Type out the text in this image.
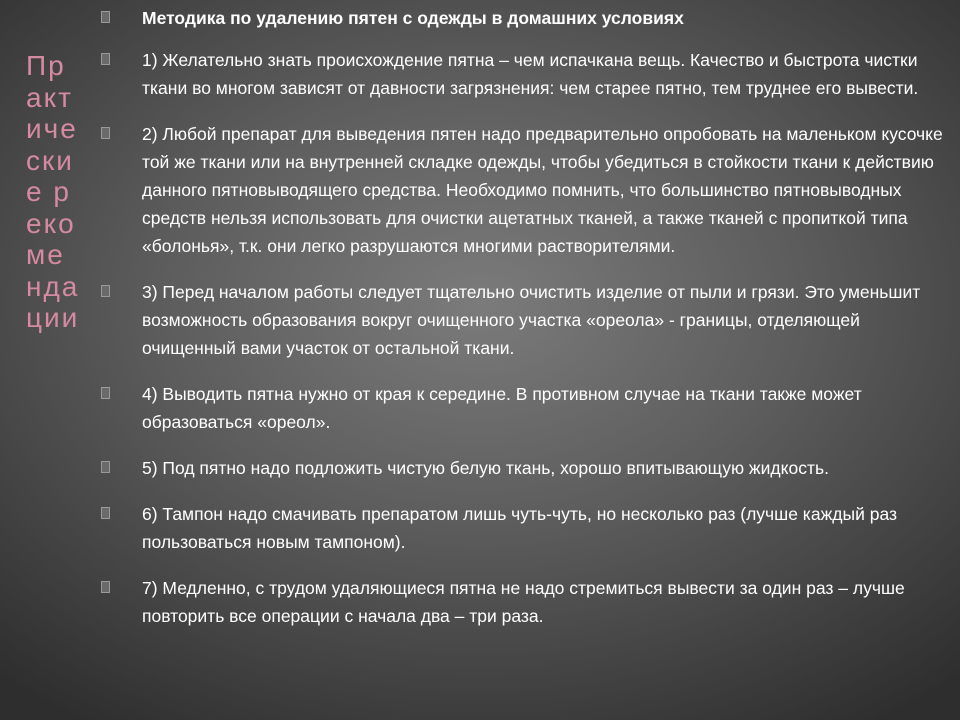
Практические рекомендации
Методика по удалению пятен с одежды в домашних условиях
1) Желательно знать происхождение пятна – чем испачкана вещь. Качество и быстрота чистки ткани во многом зависят от давности загрязнения: чем старее пятно, тем труднее его вывести.
2) Любой препарат для выведения пятен надо предварительно опробовать на маленьком кусочке той же ткани или на внутренней складке одежды, чтобы убедиться в стойкости ткани к действию данного пятновыводящего средства. Необходимо помнить, что большинство пятновыводных средств нельзя использовать для очистки ацетатных тканей, а также тканей с пропиткой типа «болонья», т.к. они легко разрушаются многими растворителями.
3) Перед началом работы следует тщательно очистить изделие от пыли и грязи. Это уменьшит возможность образования вокруг очищенного участка «ореола» - границы, отделяющей очищенный вами участок от остальной ткани.
4) Выводить пятна нужно от края к середине. В противном случае на ткани также может образоваться «ореол».
5) Под пятно надо подложить чистую белую ткань, хорошо впитывающую жидкость.
6) Тампон надо смачивать препаратом лишь чуть-чуть, но несколько раз (лучше каждый раз пользоваться новым тампоном).
7) Медленно, с трудом удаляющиеся пятна не надо стремиться вывести за один раз – лучше повторить все операции с начала два – три раза.
